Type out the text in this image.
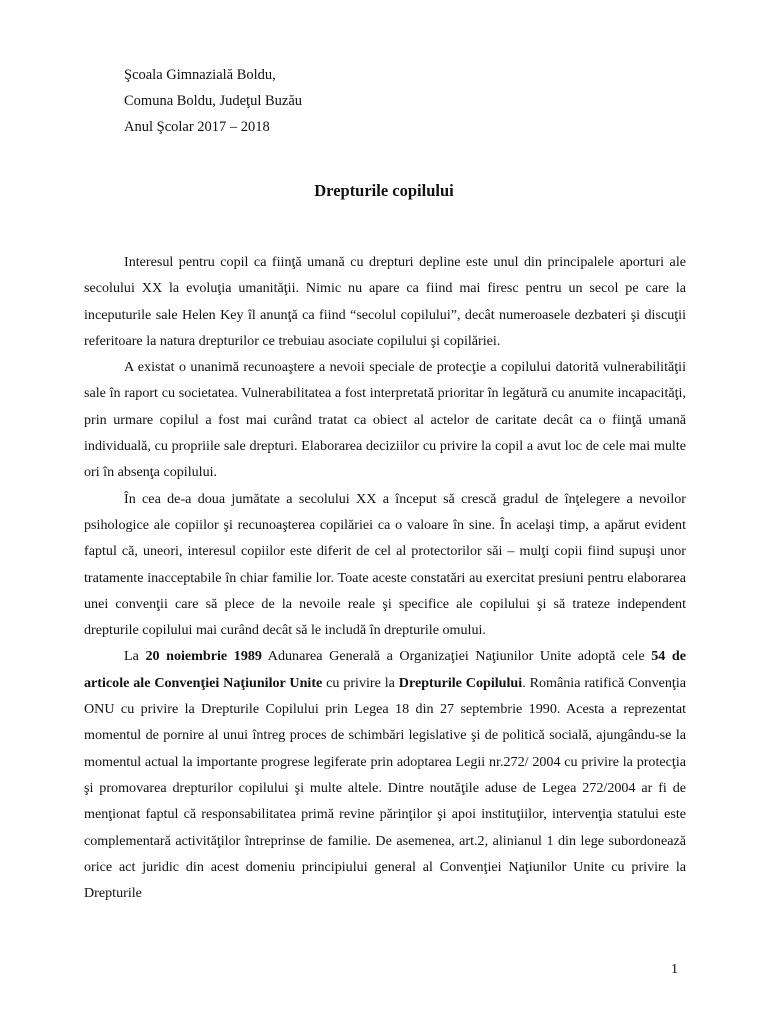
Şcoala Gimnazială Boldu,
Comuna Boldu, Judeţul Buzău
Anul Şcolar 2017 – 2018
Drepturile copilului

Interesul pentru copil ca fiinţă umană cu drepturi depline este unul din principalele aporturi ale secolului XX la evoluţia umanităţii. Nimic nu apare ca fiind mai firesc pentru un secol pe care la inceputurile sale Helen Key îl anunţă ca fiind “secolul copilului”, decât numeroasele dezbateri şi discuţii referitoare la natura drepturilor ce trebuiau asociate copilului şi copilăriei.

A existat o unanimă recunoaştere a nevoii speciale de protecţie a copilului datorită vulnerabilităţii sale în raport cu societatea. Vulnerabilitatea a fost interpretată prioritar în legătură cu anumite incapacităţi, prin urmare copilul a fost mai curând tratat ca obiect al actelor de caritate decât ca o fiinţă umană individuală, cu propriile sale drepturi. Elaborarea deciziilor cu privire la copil a avut loc de cele mai multe ori în absenţa copilului.

În cea de-a doua jumătate a secolului XX a început să crescă gradul de înţelegere a nevoilor psihologice ale copiilor şi recunoaşterea copilăriei ca o valoare în sine. În acelaşi timp, a apărut evident faptul că, uneori, interesul copiilor este diferit de cel al protectorilor săi – mulţi copii fiind supuşi unor tratamente inacceptabile în chiar familie lor. Toate aceste constatări au exercitat presiuni pentru elaborarea unei convenţii care să plece de la nevoile reale şi specifice ale copilului şi să trateze independent drepturile copilului mai curând decât să le includă în drepturile omului.

La 20 noiembrie 1989 Adunarea Generală a Organizaţiei Naţiunilor Unite adoptă cele 54 de articole ale Convenţiei Naţiunilor Unite cu privire la Drepturile Copilului. România ratifică Convenţia ONU cu privire la Drepturile Copilului prin Legea 18 din 27 septembrie 1990. Acesta a reprezentat momentul de pornire al unui întreg proces de schimbări legislative şi de politică socială, ajungându-se la momentul actual la importante progrese legiferate prin adoptarea Legii nr.272/ 2004 cu privire la protecţia şi promovarea drepturilor copilului şi multe altele. Dintre noutăţile aduse de Legea 272/2004 ar fi de menţionat faptul că responsabilitatea primă revine părinţilor şi apoi instituţiilor, intervenţia statului este complementară activităţilor întreprinse de familie. De asemenea, art.2, alinianul 1 din lege subordonează orice act juridic din acest domeniu principiului general al Convenţiei Naţiunilor Unite cu privire la Drepturile

1
